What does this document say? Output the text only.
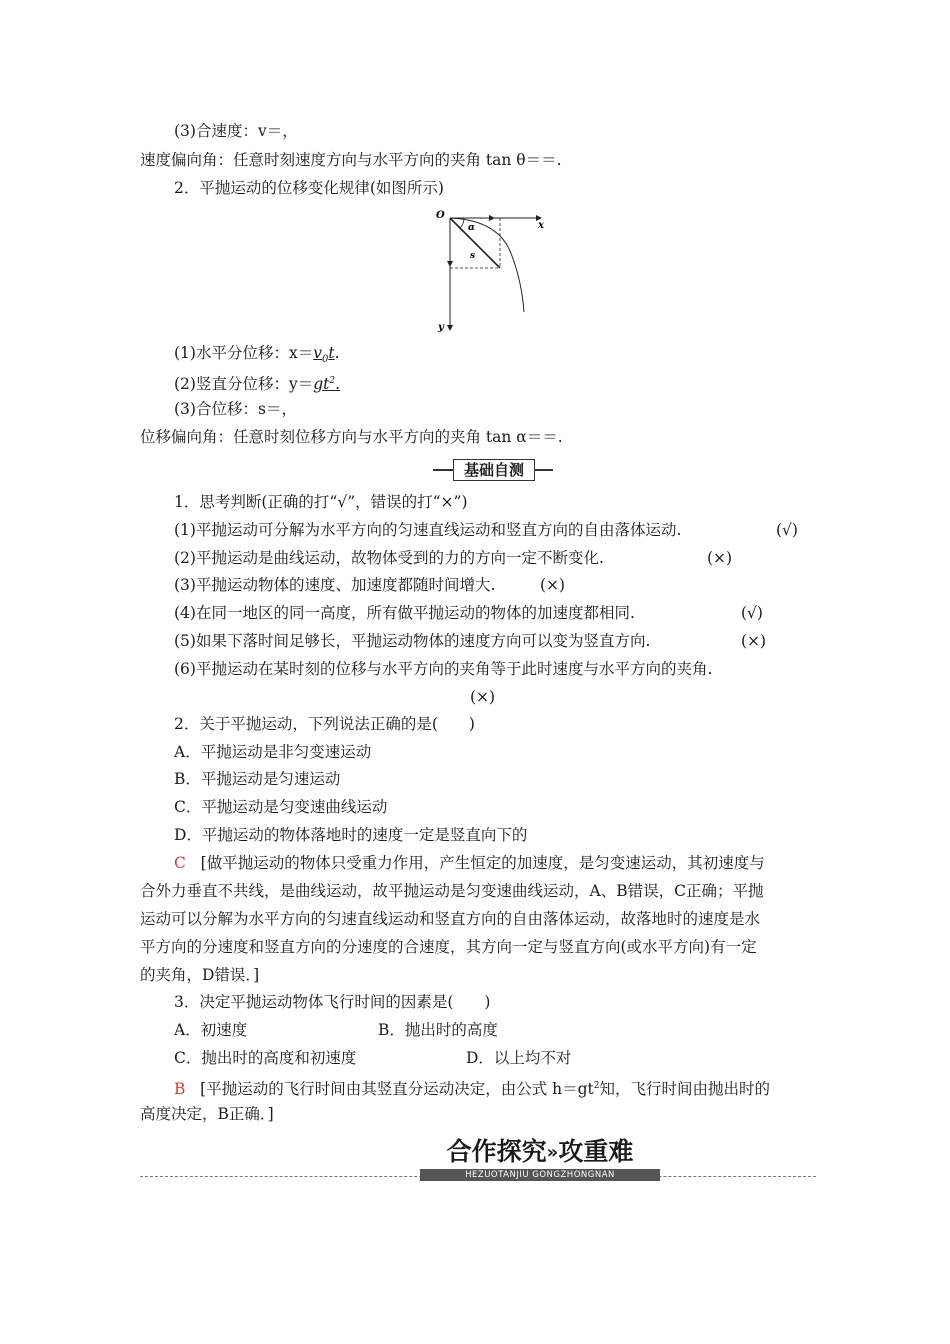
(3)合速度：v＝，
速度偏向角：任意时刻速度方向与水平方向的夹角 tan θ＝＝.
2．平抛运动的位移变化规律(如图所示)
O
x
y
α
s
(1)水平分位移：$x=v_0t$.
(2)竖直分位移：$y=gt^2$.
(3)合位移：s＝，
位移偏向角：任意时刻位移方向与水平方向的夹角 tan α＝＝.
基础自测
1．思考判断(正确的打“√”，错误的打“×”)
(1)平抛运动可分解为水平方向的匀速直线运动和竖直方向的自由落体运动.	(√)
(2)平抛运动是曲线运动，故物体受到的力的方向一定不断变化.	(×)
(3)平抛运动物体的速度、加速度都随时间增大.	(×)
(4)在同一地区的同一高度，所有做平抛运动的物体的加速度都相同.	(√)
(5)如果下落时间足够长，平抛运动物体的速度方向可以变为竖直方向.	(×)
(6)平抛运动在某时刻的位移与水平方向的夹角等于此时速度与水平方向的夹角.
(×)
2．关于平抛运动，下列说法正确的是(　　)
A．平抛运动是非匀变速运动
B．平抛运动是匀速运动
C．平抛运动是匀变速曲线运动
D．平抛运动的物体落地时的速度一定是竖直向下的
C [做平抛运动的物体只受重力作用，产生恒定的加速度，是匀变速运动，其初速度与
合外力垂直不共线，是曲线运动，故平抛运动是匀变速曲线运动，A、B错误，C正确；平抛
运动可以分解为水平方向的匀速直线运动和竖直方向的自由落体运动，故落地时的速度是水
平方向的分速度和竖直方向的分速度的合速度，其方向一定与竖直方向(或水平方向)有一定
的夹角，D错误．]
3．决定平抛运动物体飞行时间的因素是(　　)
A．初速度	B．抛出时的高度
C．抛出时的高度和初速度	D．以上均不对
B [平抛运动的飞行时间由其竖直分运动决定，由公式 $h=gt^2$知，飞行时间由抛出时的
高度决定，B正确．]
合作探究»攻重难
HEZUOTANJIU GONGZHONGNAN
